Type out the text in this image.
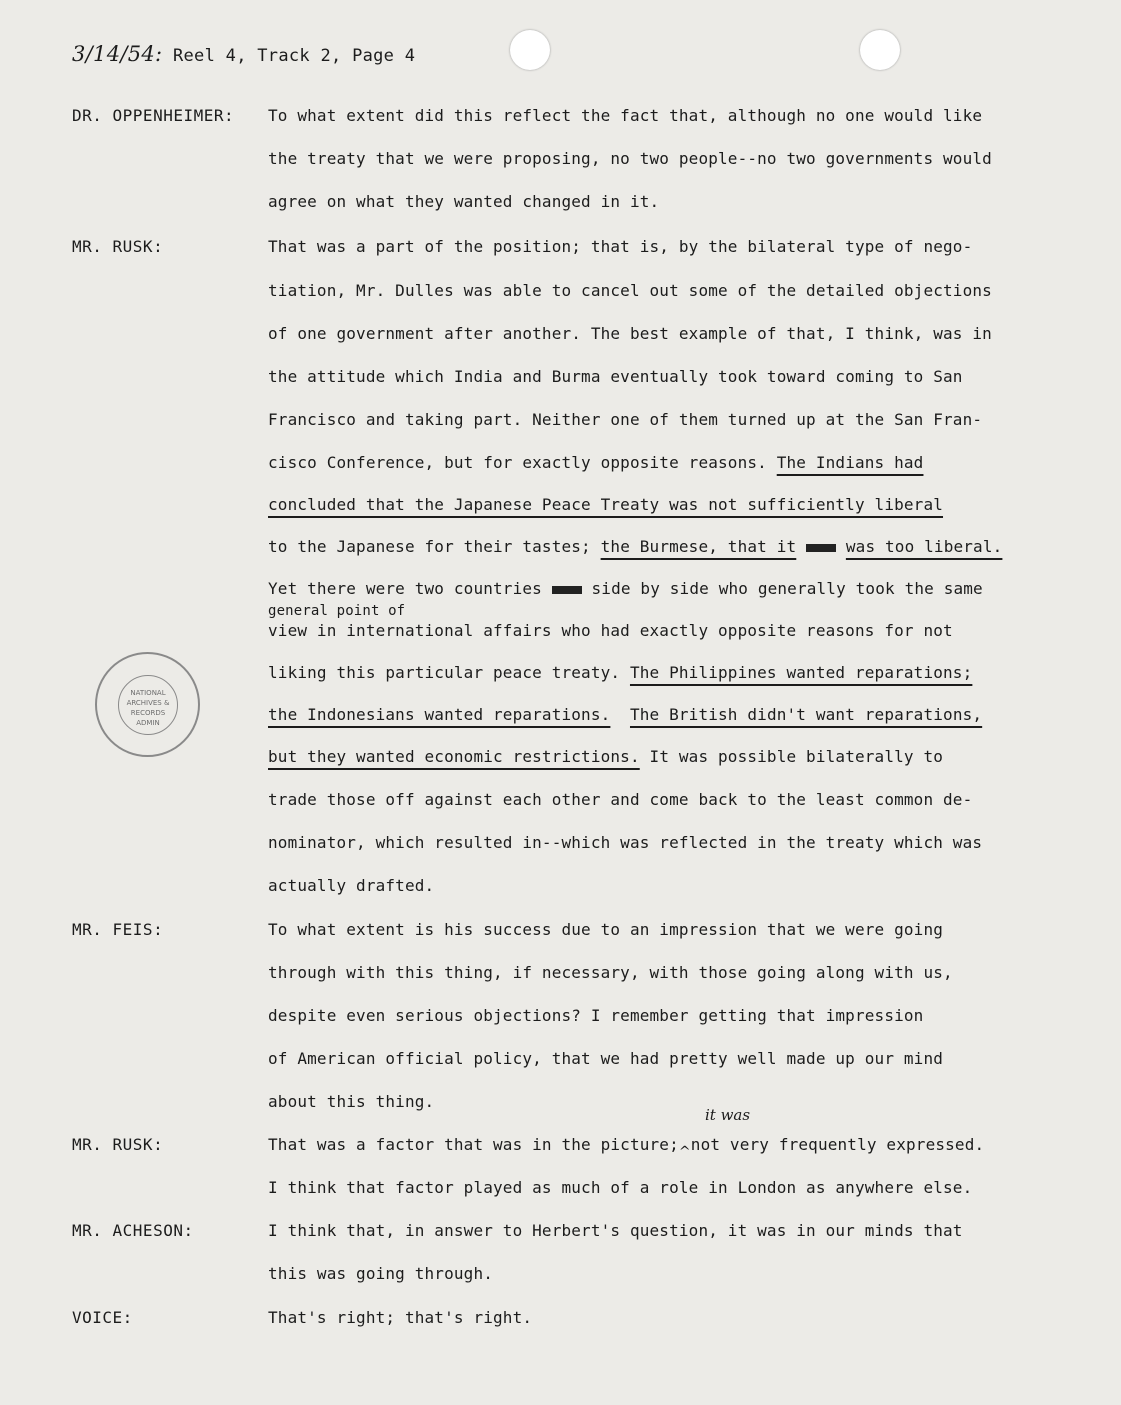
3/14/54: Reel 4, Track 2, Page 4
DR. OPPENHEIMER: To what extent did this reflect the fact that, although no one would like
the treaty that we were proposing, no two people--no two governments would
agree on what they wanted changed in it.
MR. RUSK:	That was a part of the position; that is, by the bilateral type of nego-
tiation, Mr. Dulles was able to cancel out some of the detailed objections
of one government after another. The best example of that, I think, was in
the attitude which India and Burma eventually took toward coming to San
Francisco and taking part. Neither one of them turned up at the San Fran-
cisco Conference, but for exactly opposite reasons. The Indians had
concluded that the Japanese Peace Treaty was not sufficiently liberal
to the Japanese for their tastes; the Burmese, that it	was too liberal.
Yet there were two countries	side by side who generally took the same
general point of
view in international affairs who had exactly opposite reasons for not
liking this particular peace treaty. The Philippines wanted reparations;
the Indonesians wanted reparations. The British didn't want reparations,
but they wanted economic restrictions. It was possible bilaterally to
trade those off against each other and come back to the least common de-
nominator, which resulted in--which was reflected in the treaty which was
actually drafted.
MR. FEIS:	To what extent is his success due to an impression that we were going
through with this thing, if necessary, with those going along with us,
despite even serious objections? I remember getting that impression
of American official policy, that we had pretty well made up our mind
about this thing.
it was
MR. RUSK:	That was a factor that was in the picture;^not very frequently expressed.
I think that factor played as much of a role in London as anywhere else.
MR. ACHESON:	I think that, in answer to Herbert's question, it was in our minds that
this was going through.
VOICE:	That's right; that's right.
NATIONAL ARCHIVES & RECORDS ADMIN
